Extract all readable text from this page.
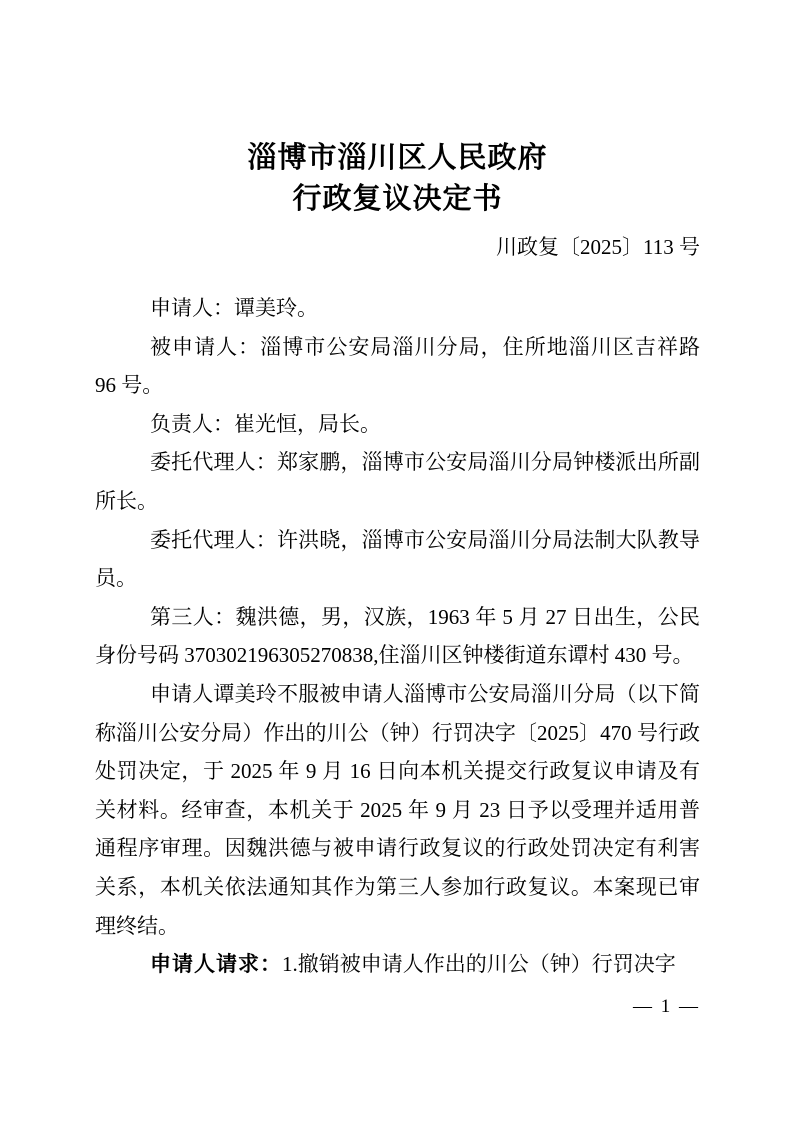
淄博市淄川区人民政府
行政复议决定书
川政复〔2025〕113 号

申请人：谭美玲。

被申请人：淄博市公安局淄川分局，住所地淄川区吉祥路 96 号。

负责人：崔光恒，局长。

委托代理人：郑家鹏，淄博市公安局淄川分局钟楼派出所副所长。

委托代理人：许洪晓，淄博市公安局淄川分局法制大队教导员。

第三人：魏洪德，男，汉族，1963 年 5 月 27 日出生，公民身份号码 370302196305270838,住淄川区钟楼街道东谭村 430 号。

申请人谭美玲不服被申请人淄博市公安局淄川分局（以下简称淄川公安分局）作出的川公（钟）行罚决字〔2025〕470 号行政处罚决定，于 2025 年 9 月 16 日向本机关提交行政复议申请及有关材料。经审查，本机关于 2025 年 9 月 23 日予以受理并适用普通程序审理。因魏洪德与被申请行政复议的行政处罚决定有利害关系，本机关依法通知其作为第三人参加行政复议。本案现已审理终结。

申请人请求：1.撤销被申请人作出的川公（钟）行罚决字

— 1 —
